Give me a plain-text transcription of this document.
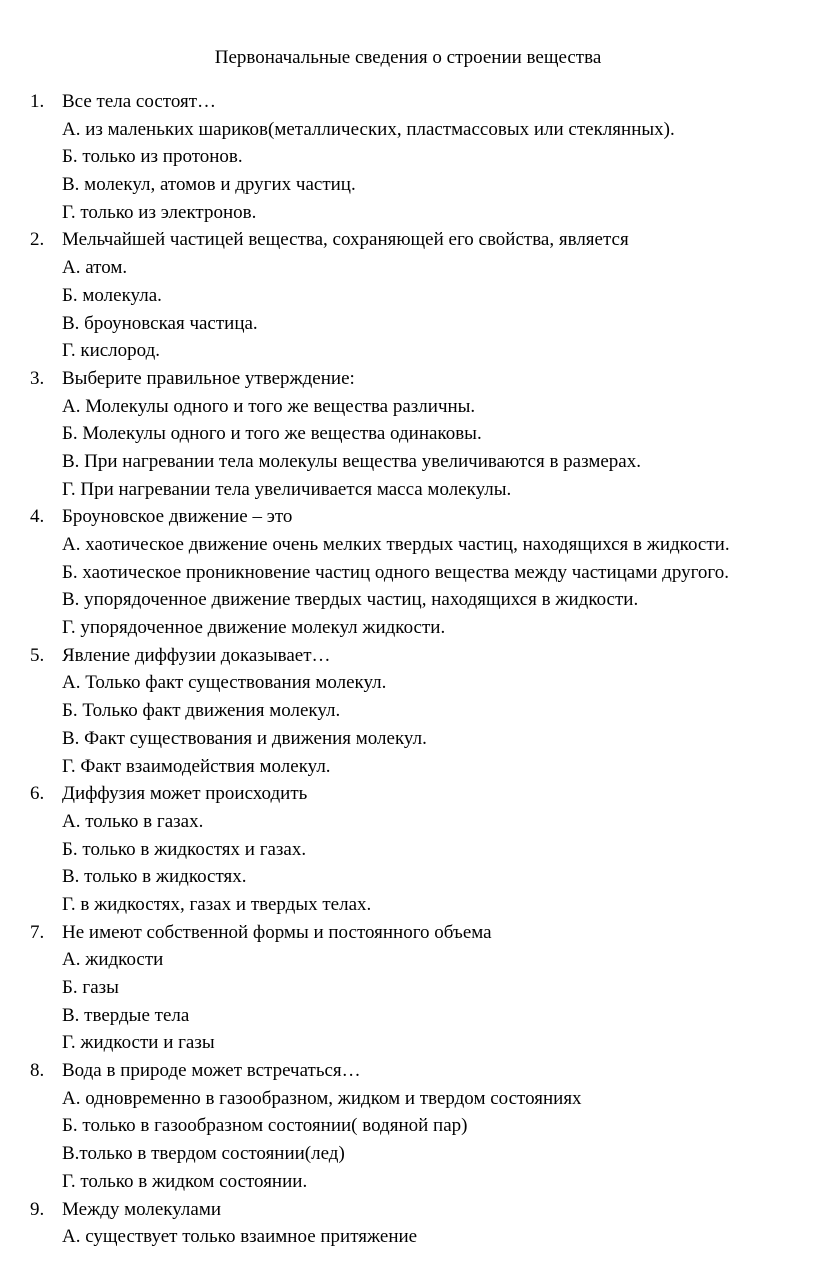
Первоначальные сведения о строении вещества
1. Все тела состоят…
А. из маленьких шариков(металлических, пластмассовых или стеклянных).
Б. только из протонов.
В. молекул, атомов и других частиц.
Г. только из электронов.
2. Мельчайшей частицей вещества, сохраняющей его свойства, является
А. атом.
Б. молекула.
В. броуновская частица.
Г. кислород.
3. Выберите правильное утверждение:
А. Молекулы одного и того же вещества различны.
Б. Молекулы одного и того же вещества одинаковы.
В. При нагревании тела молекулы вещества увеличиваются в размерах.
Г. При нагревании тела увеличивается масса молекулы.
4. Броуновское движение – это
А. хаотическое движение очень мелких твердых частиц, находящихся в жидкости.
Б. хаотическое проникновение частиц одного вещества между частицами другого.
В. упорядоченное движение твердых частиц, находящихся в жидкости.
Г. упорядоченное движение молекул жидкости.
5. Явление диффузии доказывает…
А. Только факт существования молекул.
Б. Только факт движения молекул.
В. Факт существования и движения молекул.
Г. Факт взаимодействия молекул.
6. Диффузия может происходить
А. только в газах.
Б. только в жидкостях и газах.
В. только в жидкостях.
Г. в жидкостях, газах и твердых телах.
7. Не имеют собственной формы и постоянного объема
А. жидкости
Б. газы
В. твердые тела
Г. жидкости и газы
8. Вода в природе может встречаться…
А. одновременно в газообразном, жидком и твердом состояниях
Б. только в газообразном состоянии( водяной пар)
В.только в твердом состоянии(лед)
Г. только в жидком состоянии.
9. Между молекулами
А. существует только взаимное притяжение
